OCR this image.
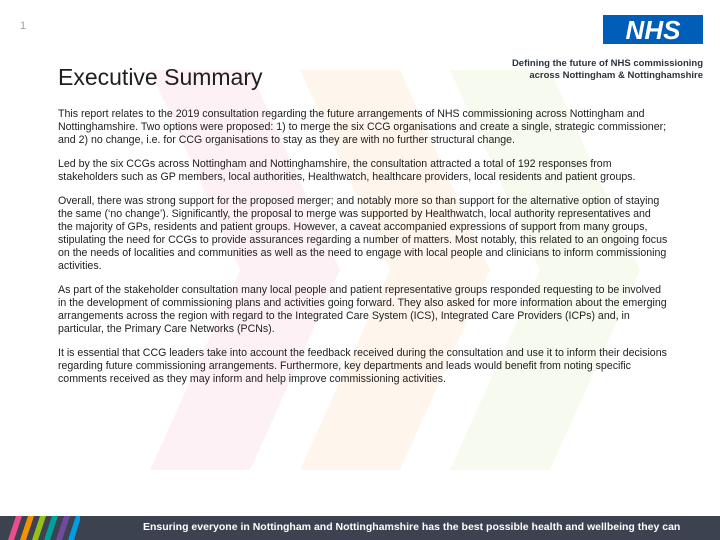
1	NHS
Executive Summary
Defining the future of NHS commissioning across Nottingham & Nottinghamshire

This report relates to the 2019 consultation regarding the future arrangements of NHS commissioning across Nottingham and Nottinghamshire. Two options were proposed: 1) to merge the six CCG organisations and create a single, strategic commissioner; and 2) no change, i.e. for CCG organisations to stay as they are with no further structural change.

Led by the six CCGs across Nottingham and Nottinghamshire, the consultation attracted a total of 192 responses from stakeholders such as GP members, local authorities, Healthwatch, healthcare providers, local residents and patient groups.

Overall, there was strong support for the proposed merger; and notably more so than support for the alternative option of staying the same (‘no change’). Significantly, the proposal to merge was supported by Healthwatch, local authority representatives and the majority of GPs, residents and patient groups. However, a caveat accompanied expressions of support from many groups, stipulating the need for CCGs to provide assurances regarding a number of matters. Most notably, this related to an ongoing focus on the needs of localities and communities as well as the need to engage with local people and clinicians to inform commissioning activities.

As part of the stakeholder consultation many local people and patient representative groups responded requesting to be involved in the development of commissioning plans and activities going forward. They also asked for more information about the emerging arrangements across the region with regard to the Integrated Care System (ICS), Integrated Care Providers (ICPs) and, in particular, the Primary Care Networks (PCNs).

It is essential that CCG leaders take into account the feedback received during the consultation and use it to inform their decisions regarding future commissioning arrangements. Furthermore, key departments and leads would benefit from noting specific comments received as they may inform and help improve commissioning activities.

Ensuring everyone in Nottingham and Nottinghamshire has the best possible health and wellbeing they can
